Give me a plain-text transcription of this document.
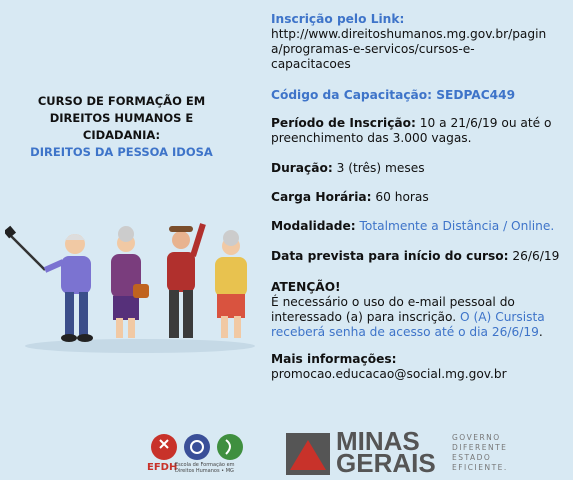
CURSO DE FORMAÇÃO EM DIREITOS HUMANOS E CIDADANIA:
DIREITOS DA PESSOA IDOSA
Inscrição pelo Link:
http://www.direitoshumanos.mg.gov.br/pagin
a/programas-e-servicos/cursos-e-
capacitacoes
Código da Capacitação: SEDPAC449
Período de Inscrição: 10 a 21/6/19 ou até o
preenchimento das 3.000 vagas.
Duração: 3 (três) meses
Carga Horária: 60 horas
Modalidade: Totalmente a Distância / Online.
Data prevista para início do curso: 26/6/19
ATENÇÃO!
É necessário o uso do e-mail pessoal do
interessado (a) para inscrição. O (A) Cursista
receberá senha de acesso até o dia 26/6/19.
Mais informações:
promocao.educacao@social.mg.gov.br
EFDH
Escola de Formação em Direitos Humanos • MG
MINAS
GERAIS
GOVERNO
DIFERENTE
ESTADO
EFICIENTE.
